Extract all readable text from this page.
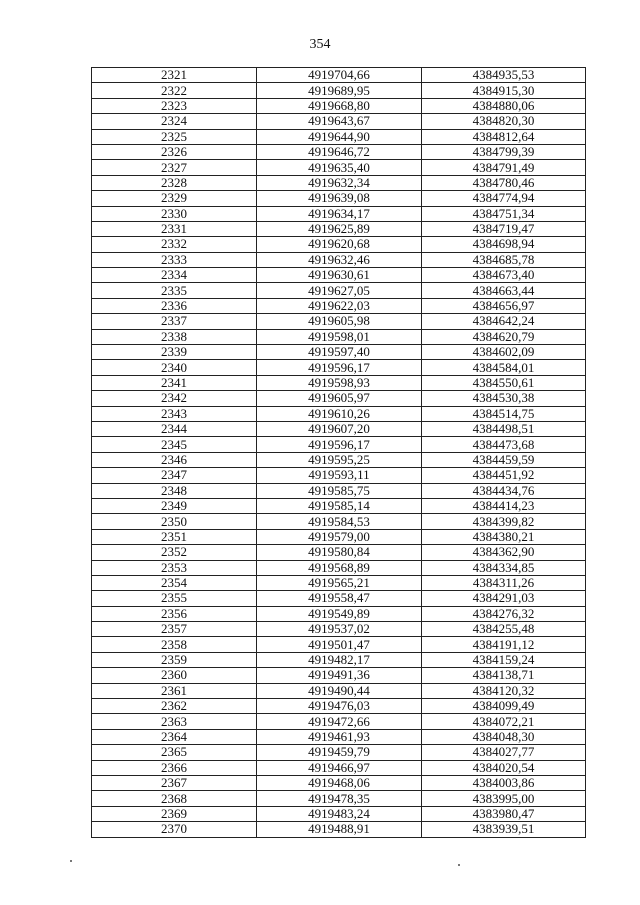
354
2321	4919704,66	4384935,53
2322	4919689,95	4384915,30
2323	4919668,80	4384880,06
2324	4919643,67	4384820,30
2325	4919644,90	4384812,64
2326	4919646,72	4384799,39
2327	4919635,40	4384791,49
2328	4919632,34	4384780,46
2329	4919639,08	4384774,94
2330	4919634,17	4384751,34
2331	4919625,89	4384719,47
2332	4919620,68	4384698,94
2333	4919632,46	4384685,78
2334	4919630,61	4384673,40
2335	4919627,05	4384663,44
2336	4919622,03	4384656,97
2337	4919605,98	4384642,24
2338	4919598,01	4384620,79
2339	4919597,40	4384602,09
2340	4919596,17	4384584,01
2341	4919598,93	4384550,61
2342	4919605,97	4384530,38
2343	4919610,26	4384514,75
2344	4919607,20	4384498,51
2345	4919596,17	4384473,68
2346	4919595,25	4384459,59
2347	4919593,11	4384451,92
2348	4919585,75	4384434,76
2349	4919585,14	4384414,23
2350	4919584,53	4384399,82
2351	4919579,00	4384380,21
2352	4919580,84	4384362,90
2353	4919568,89	4384334,85
2354	4919565,21	4384311,26
2355	4919558,47	4384291,03
2356	4919549,89	4384276,32
2357	4919537,02	4384255,48
2358	4919501,47	4384191,12
2359	4919482,17	4384159,24
2360	4919491,36	4384138,71
2361	4919490,44	4384120,32
2362	4919476,03	4384099,49
2363	4919472,66	4384072,21
2364	4919461,93	4384048,30
2365	4919459,79	4384027,77
2366	4919466,97	4384020,54
2367	4919468,06	4384003,86
2368	4919478,35	4383995,00
2369	4919483,24	4383980,47
2370	4919488,91	4383939,51
